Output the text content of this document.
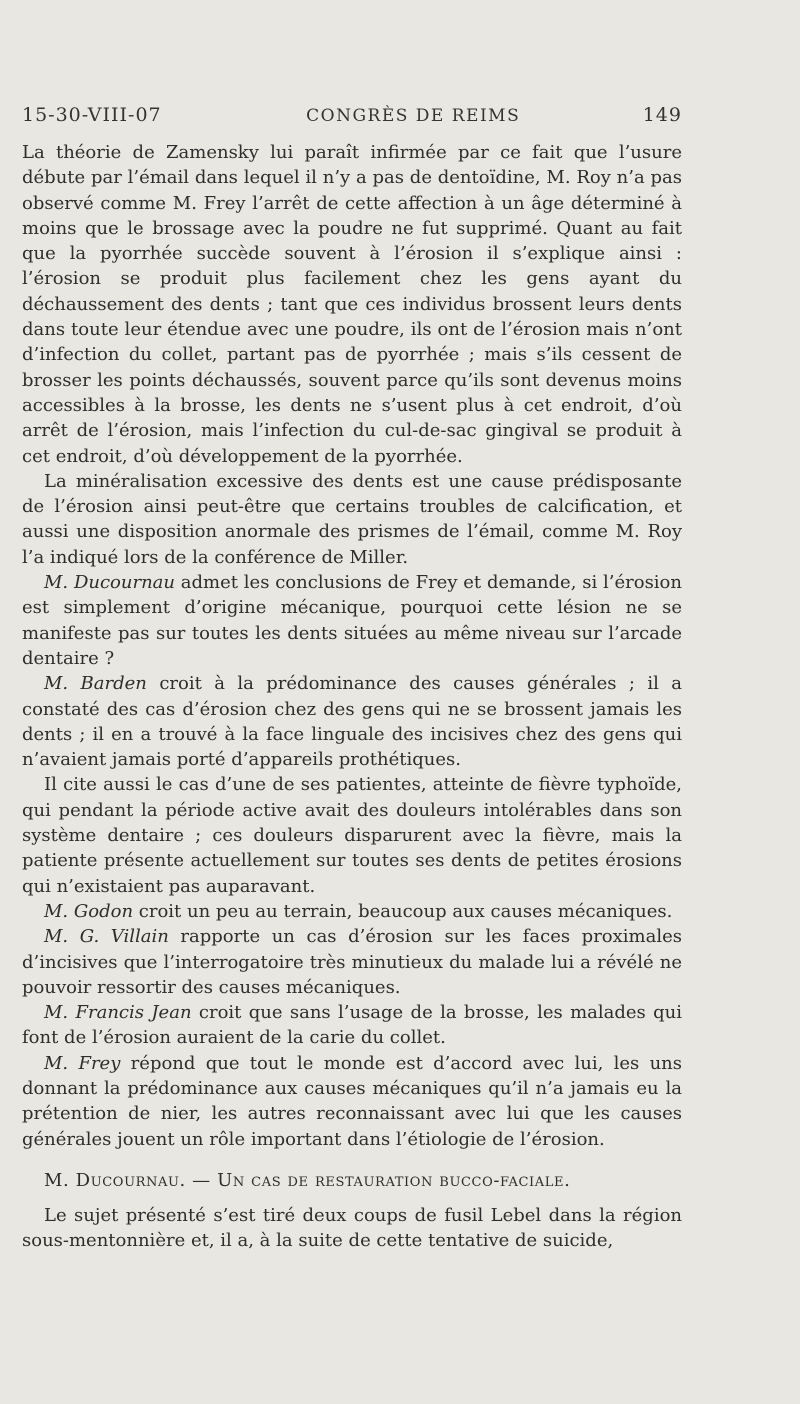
15-30-VIII-07	CONGRÈS DE REIMS	149

La théorie de Zamensky lui paraît infirmée par ce fait que l’usure débute par l’émail dans lequel il n’y a pas de dentoïdine, M. Roy n’a pas observé comme M. Frey l’arrêt de cette affection à un âge déterminé à moins que le brossage avec la poudre ne fut supprimé. Quant au fait que la pyorrhée succède souvent à l’érosion il s’explique ainsi : l’érosion se produit plus facilement chez les gens ayant du déchaussement des dents ; tant que ces individus brossent leurs dents dans toute leur étendue avec une poudre, ils ont de l’érosion mais n’ont d’infection du collet, partant pas de pyorrhée ; mais s’ils cessent de brosser les points déchaussés, souvent parce qu’ils sont devenus moins accessibles à la brosse, les dents ne s’usent plus à cet endroit, d’où arrêt de l’érosion, mais l’infection du cul-de-sac gingival se produit à cet endroit, d’où développement de la pyorrhée.

La minéralisation excessive des dents est une cause prédisposante de l’érosion ainsi peut-être que certains troubles de calcification, et aussi une disposition anormale des prismes de l’émail, comme M. Roy l’a indiqué lors de la conférence de Miller.

M. Ducournau admet les conclusions de Frey et demande, si l’érosion est simplement d’origine mécanique, pourquoi cette lésion ne se manifeste pas sur toutes les dents situées au même niveau sur l’arcade dentaire ?

M. Barden croit à la prédominance des causes générales ; il a constaté des cas d’érosion chez des gens qui ne se brossent jamais les dents ; il en a trouvé à la face linguale des incisives chez des gens qui n’avaient jamais porté d’appareils prothétiques.

Il cite aussi le cas d’une de ses patientes, atteinte de fièvre typhoïde, qui pendant la période active avait des douleurs intolérables dans son système dentaire ; ces douleurs disparurent avec la fièvre, mais la patiente présente actuellement sur toutes ses dents de petites érosions qui n’existaient pas auparavant.

M. Godon croit un peu au terrain, beaucoup aux causes mécaniques.

M. G. Villain rapporte un cas d’érosion sur les faces proximales d’incisives que l’interrogatoire très minutieux du malade lui a révélé ne pouvoir ressortir des causes mécaniques.

M. Francis Jean croit que sans l’usage de la brosse, les malades qui font de l’érosion auraient de la carie du collet.

M. Frey répond que tout le monde est d’accord avec lui, les uns donnant la prédominance aux causes mécaniques qu’il n’a jamais eu la prétention de nier, les autres reconnaissant avec lui que les causes générales jouent un rôle important dans l’étiologie de l’érosion.

M. Ducournau. — Un cas de restauration bucco-faciale.

Le sujet présenté s’est tiré deux coups de fusil Lebel dans la région sous-mentonnière et, il a, à la suite de cette tentative de suicide,
